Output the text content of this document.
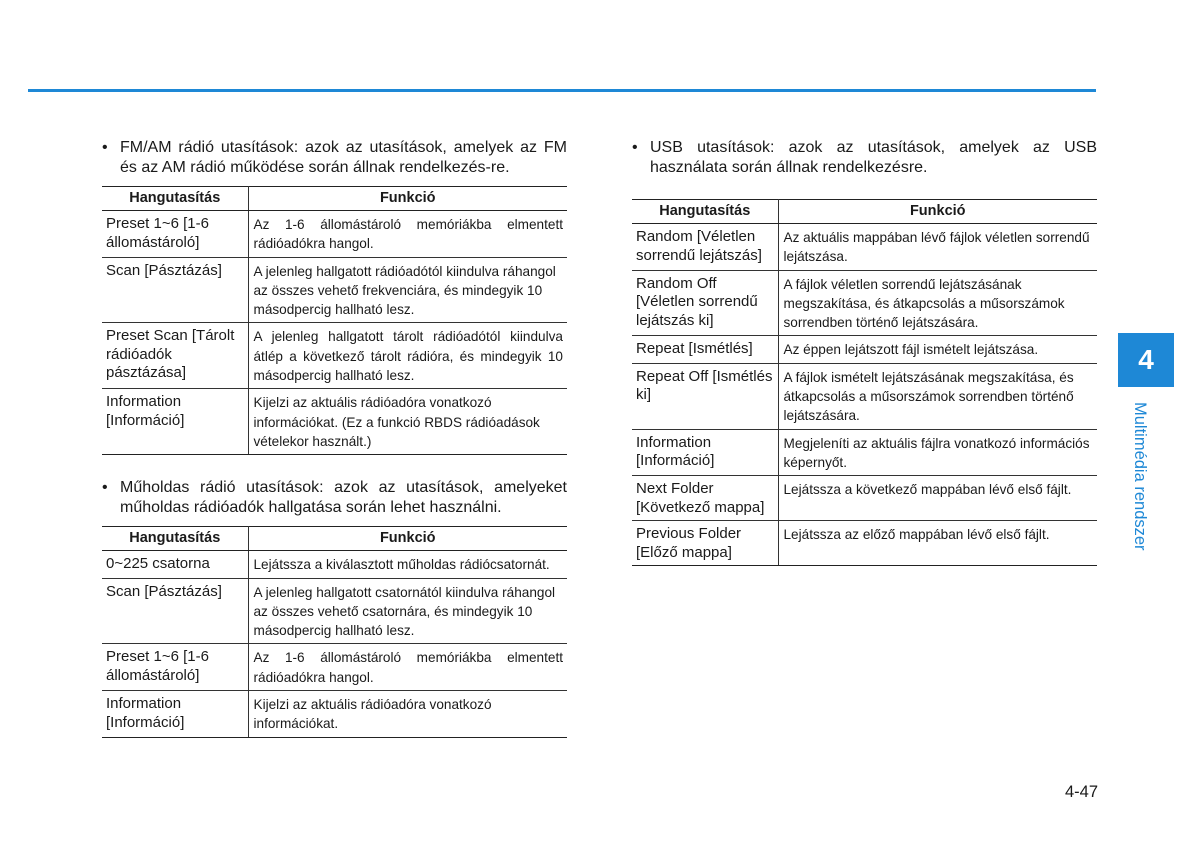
• FM/AM rádió utasítások: azok az utasítások, amelyek az FM és az AM rádió működése során állnak rendelkezés-re.

Hangutasítás	Funkció
Preset 1~6 [1-6 állomástároló]	Az 1-6 állomástároló memóriákba elmentett rádióadókra hangol.
Scan [Pásztázás]	A jelenleg hallgatott rádióadótól kiindulva ráhangol az összes vehető frekvenciára, és mindegyik 10 másodpercig hallható lesz.
Preset Scan [Tárolt rádióadók pásztázása]	A jelenleg hallgatott tárolt rádióadótól kiindulva átlép a következő tárolt rádióra, és mindegyik 10 másodpercig hallható lesz.
Information [Információ]	Kijelzi az aktuális rádióadóra vonatkozó információkat. (Ez a funkció RBDS rádióadások vételekor használt.)

• Műholdas rádió utasítások: azok az utasítások, amelyeket műholdas rádióadók hallgatása során lehet használni.

Hangutasítás	Funkció
0~225 csatorna	Lejátssza a kiválasztott műholdas rádiócsatornát.
Scan [Pásztázás]	A jelenleg hallgatott csatornától kiindulva ráhangol az összes vehető csatornára, és mindegyik 10 másodpercig hallható lesz.
Preset 1~6 [1-6 állomástároló]	Az 1-6 állomástároló memóriákba elmentett rádióadókra hangol.
Information [Információ]	Kijelzi az aktuális rádióadóra vonatkozó információkat.

• USB utasítások: azok az utasítások, amelyek az USB használata során állnak rendelkezésre.

Hangutasítás	Funkció
Random [Véletlen sorrendű lejátszás]	Az aktuális mappában lévő fájlok véletlen sorrendű lejátszása.
Random Off [Véletlen sorrendű lejátszás ki]	A fájlok véletlen sorrendű lejátszásának megszakítása, és átkapcsolás a műsorszámok sorrendben történő lejátszására.
Repeat [Ismétlés]	Az éppen lejátszott fájl ismételt lejátszása.
Repeat Off [Ismétlés ki]	A fájlok ismételt lejátszásának megszakítása, és átkapcsolás a műsorszámok sorrendben történő lejátszására.
Information [Információ]	Megjeleníti az aktuális fájlra vonatkozó információs képernyőt.
Next Folder [Következő mappa]	Lejátssza a következő mappában lévő első fájlt.
Previous Folder [Előző mappa]	Lejátssza az előző mappában lévő első fájlt.
4
Multimédia rendszer
4-47
